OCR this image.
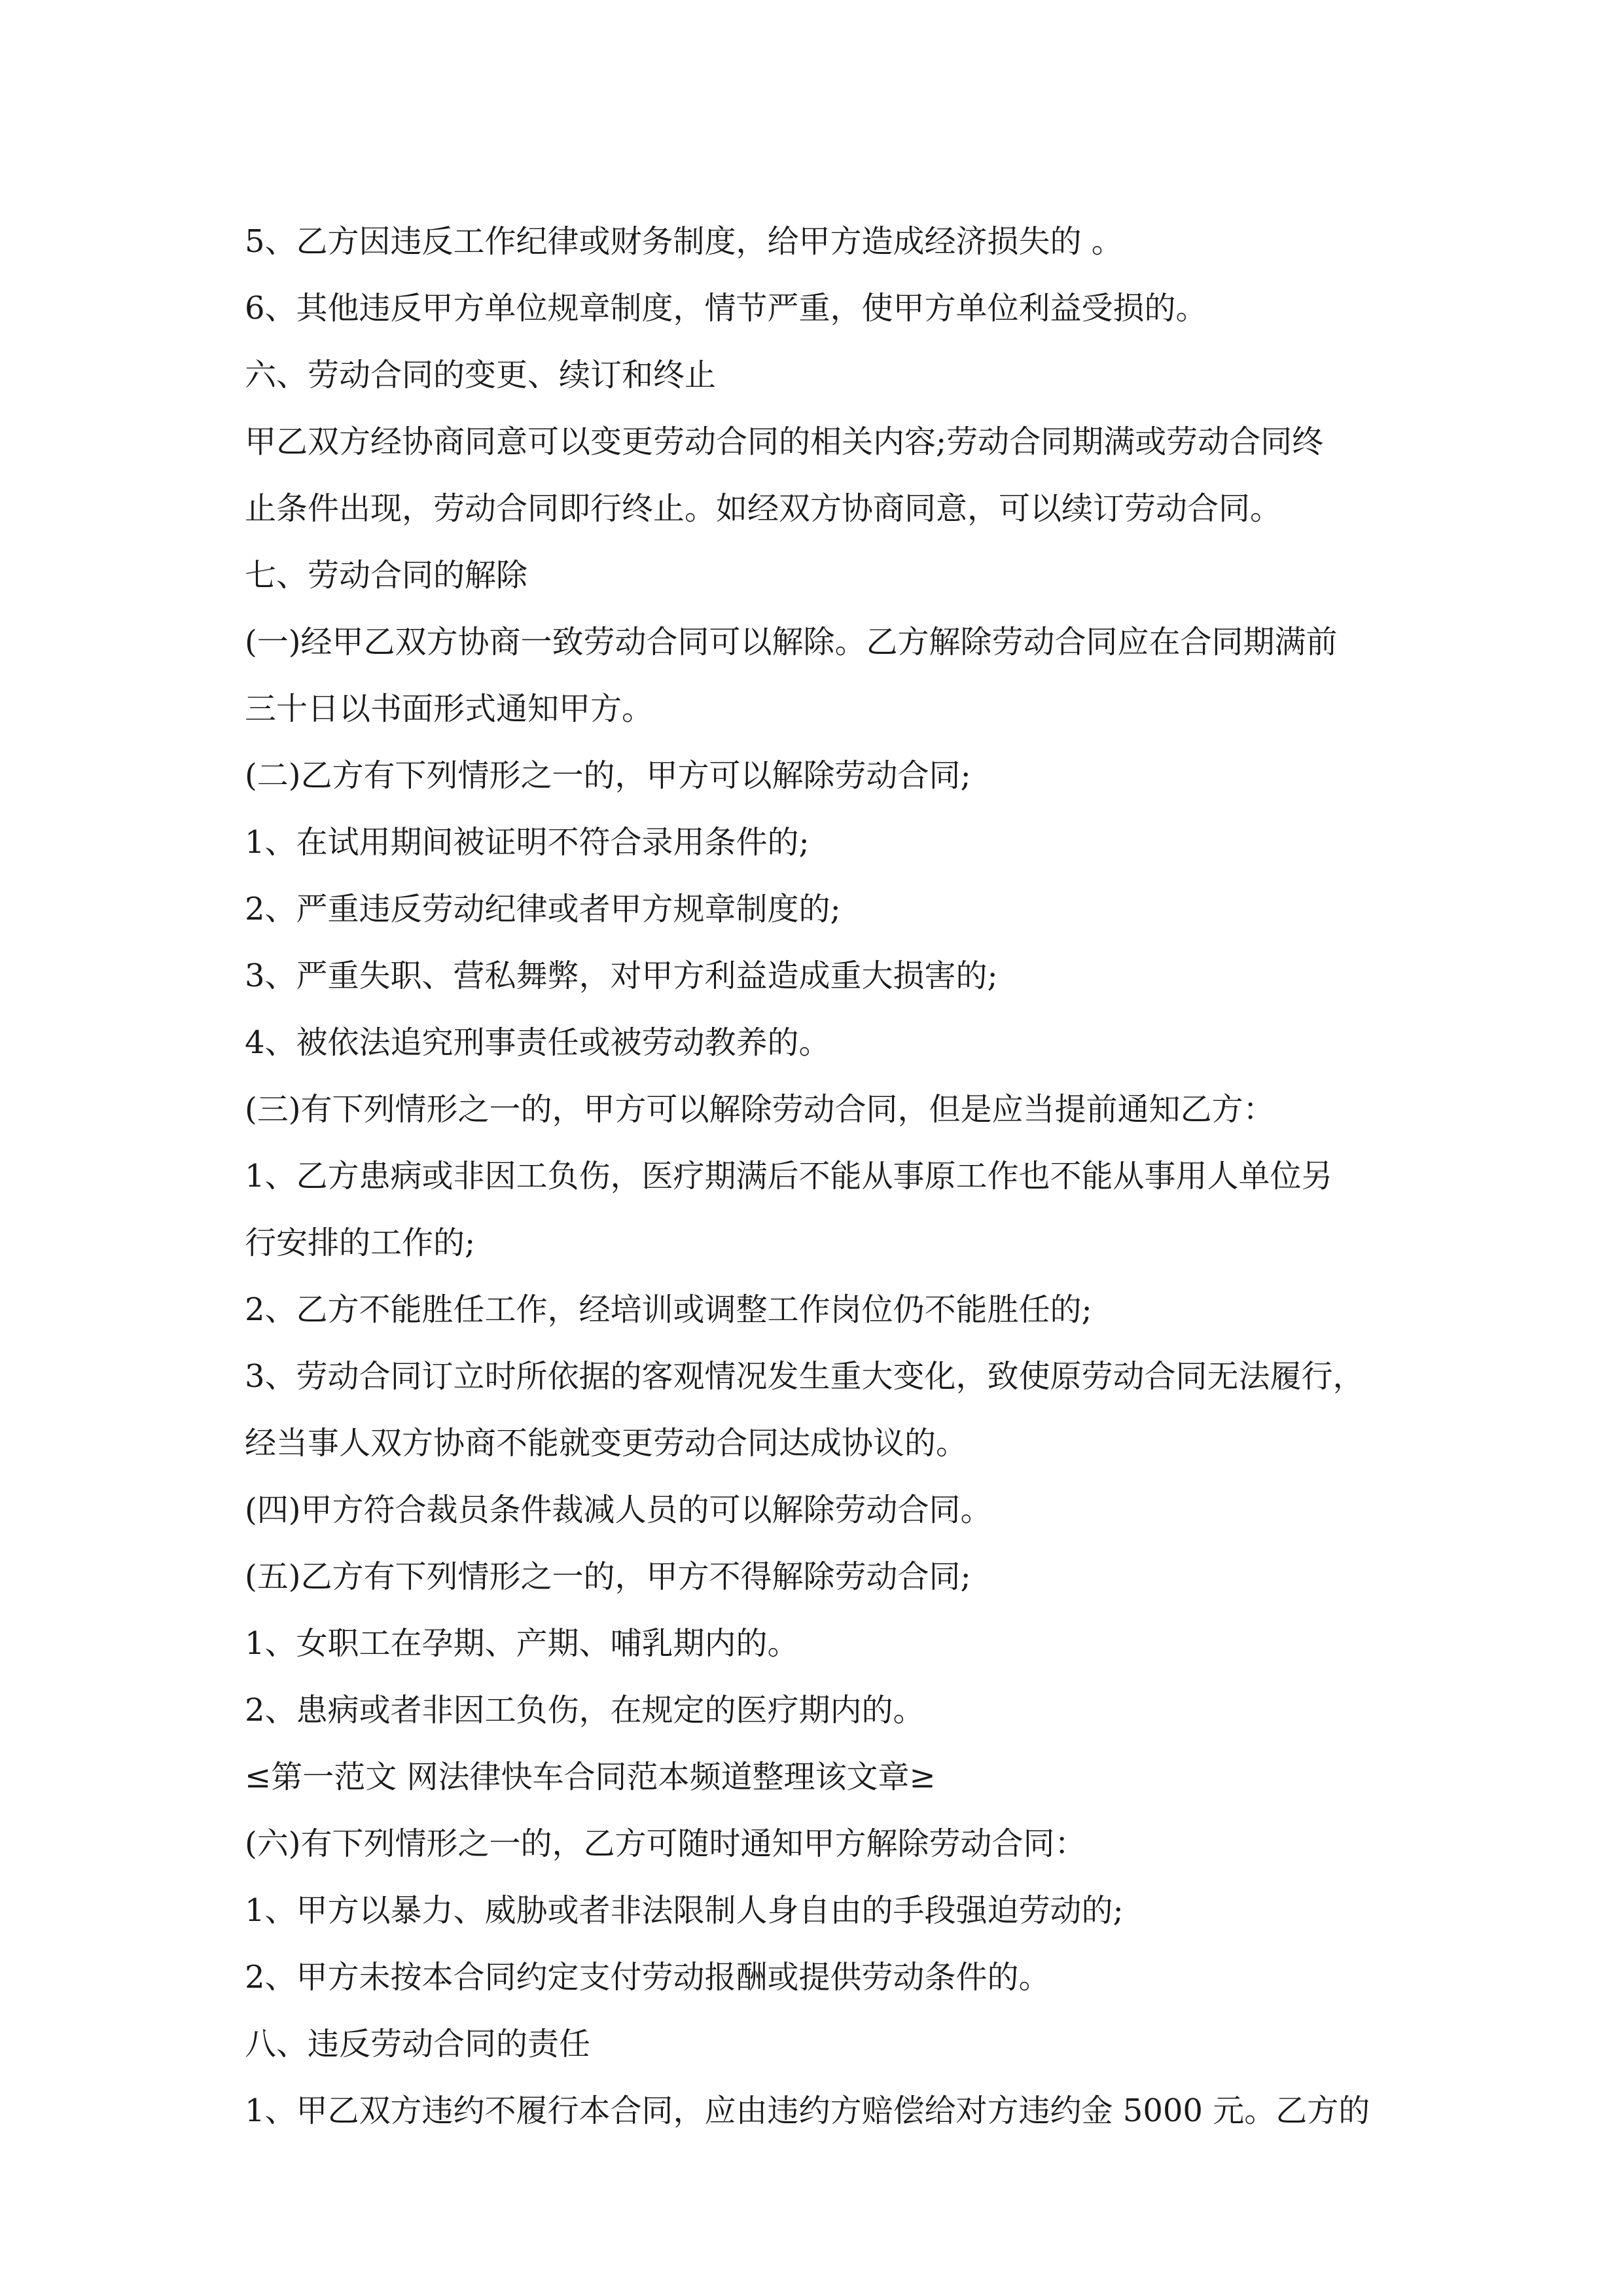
5、乙方因违反工作纪律或财务制度，给甲方造成经济损失的 。
6、其他违反甲方单位规章制度，情节严重，使甲方单位利益受损的。
六、劳动合同的变更、续订和终止
甲乙双方经协商同意可以变更劳动合同的相关内容;劳动合同期满或劳动合同终
止条件出现，劳动合同即行终止。如经双方协商同意，可以续订劳动合同。
七、劳动合同的解除
(一)经甲乙双方协商一致劳动合同可以解除。乙方解除劳动合同应在合同期满前
三十日以书面形式通知甲方。
(二)乙方有下列情形之一的，甲方可以解除劳动合同;
1、在试用期间被证明不符合录用条件的;
2、严重违反劳动纪律或者甲方规章制度的;
3、严重失职、营私舞弊，对甲方利益造成重大损害的;
4、被依法追究刑事责任或被劳动教养的。
(三)有下列情形之一的，甲方可以解除劳动合同，但是应当提前通知乙方：
1、乙方患病或非因工负伤，医疗期满后不能从事原工作也不能从事用人单位另
行安排的工作的;
2、乙方不能胜任工作，经培训或调整工作岗位仍不能胜任的;
3、劳动合同订立时所依据的客观情况发生重大变化，致使原劳动合同无法履行，
经当事人双方协商不能就变更劳动合同达成协议的。
(四)甲方符合裁员条件裁减人员的可以解除劳动合同。
(五)乙方有下列情形之一的，甲方不得解除劳动合同;
1、女职工在孕期、产期、哺乳期内的。
2、患病或者非因工负伤，在规定的医疗期内的。
≤第一范文 网法律快车合同范本频道整理该文章≥
(六)有下列情形之一的，乙方可随时通知甲方解除劳动合同：
1、甲方以暴力、威胁或者非法限制人身自由的手段强迫劳动的;
2、甲方未按本合同约定支付劳动报酬或提供劳动条件的。
八、违反劳动合同的责任
1、甲乙双方违约不履行本合同，应由违约方赔偿给对方违约金 5000 元。乙方的
